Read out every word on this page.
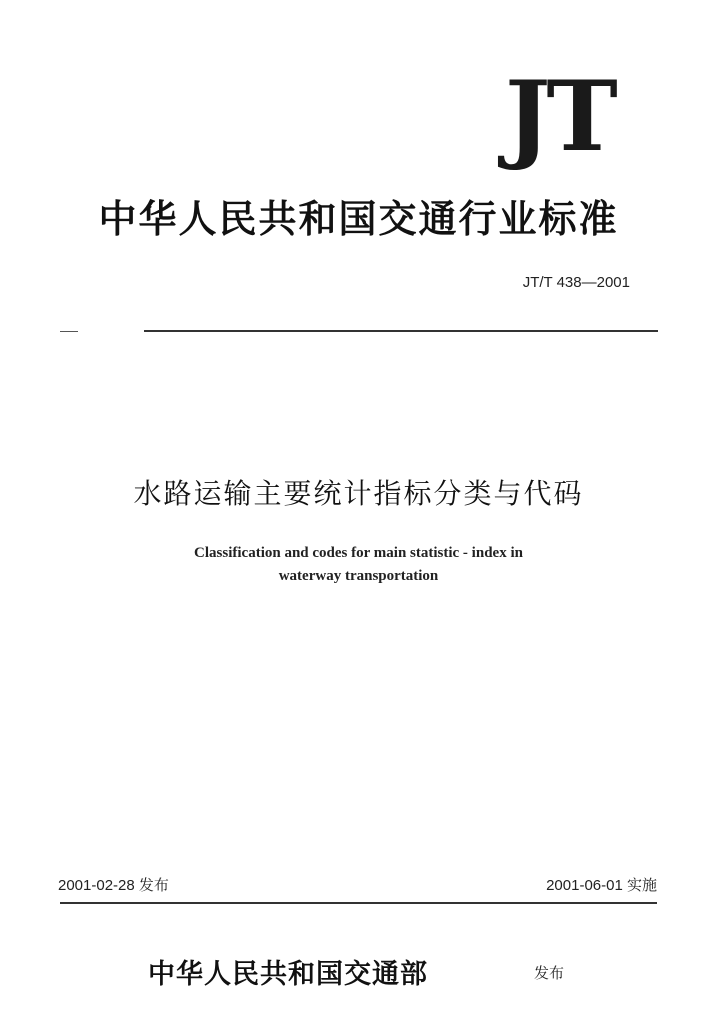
JT
中华人民共和国交通行业标准
JT/T 438—2001
水路运输主要统计指标分类与代码
Classification and codes for main statistic - index in
waterway transportation
2001-02-28 发布	2001-06-01 实施
中华人民共和国交通部	发布
